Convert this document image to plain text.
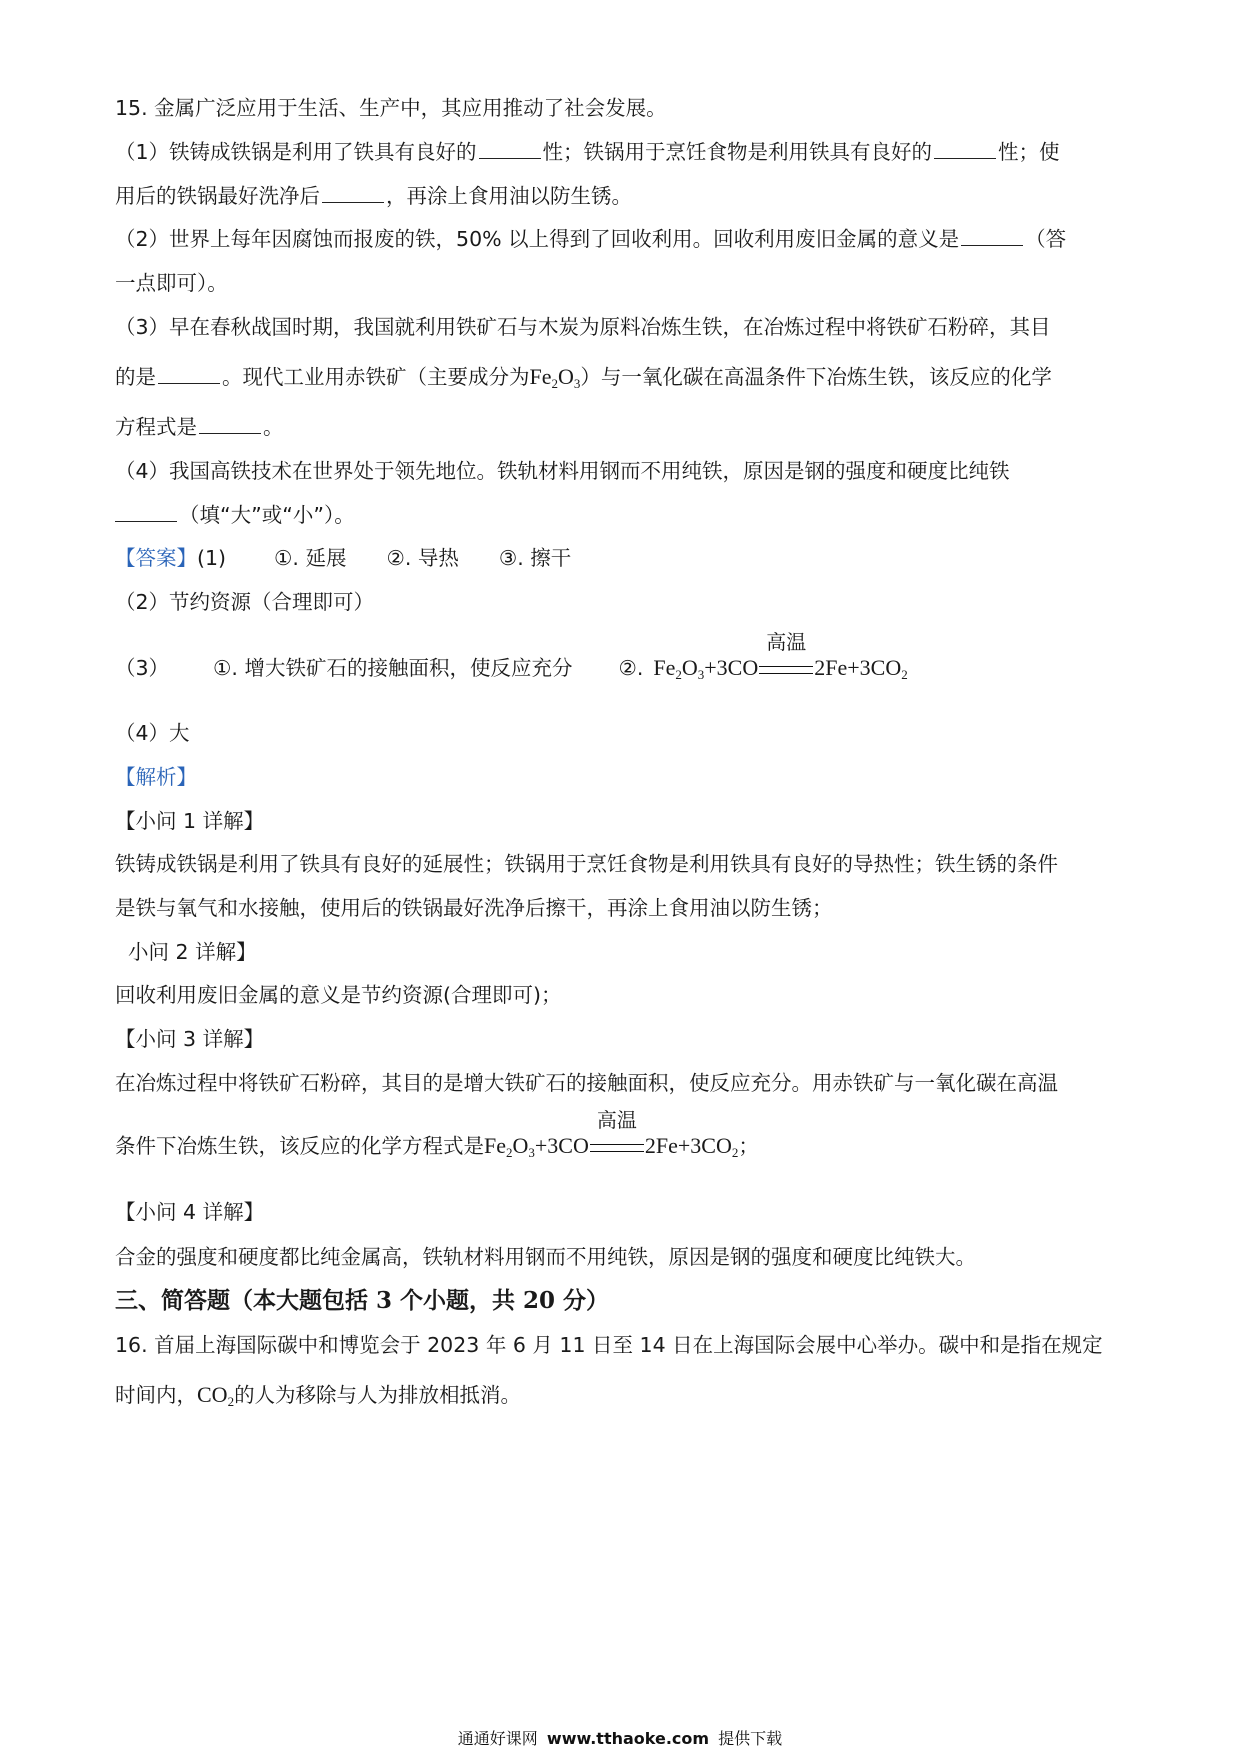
15. 金属广泛应用于生活、生产中，其应用推动了社会发展。
（1）铁铸成铁锅是利用了铁具有良好的	性；铁锅用于烹饪食物是利用铁具有良好的	性；使
用后的铁锅最好洗净后	，再涂上食用油以防生锈。
（2）世界上每年因腐蚀而报废的铁，50% 以上得到了回收利用。回收利用废旧金属的意义是	（答
一点即可）。
（3）早在春秋战国时期，我国就利用铁矿石与木炭为原料冶炼生铁，在冶炼过程中将铁矿石粉碎，其目
的是	。现代工业用赤铁矿（主要成分为$Fe_2O_3$）与一氧化碳在高温条件下冶炼生铁，该反应的化学
方程式是	。
（4）我国高铁技术在世界处于领先地位。铁轨材料用钢而不用纯铁，原因是钢的强度和硬度比纯铁
（填“大”或“小”）。
【答案】(1) ①. 延展 ②. 导热 ③. 擦干
（2）节约资源（合理即可）
（3） ①. 增大铁矿石的接触面积，使反应充分 ②. $Fe_2O_3+3CO$
高温
$2Fe+3CO_2$
（4）大
【解析】
【小问 1 详解】
铁铸成铁锅是利用了铁具有良好的延展性；铁锅用于烹饪食物是利用铁具有良好的导热性；铁生锈的条件
是铁与氧气和水接触，使用后的铁锅最好洗净后擦干，再涂上食用油以防生锈；
小问 2 详解】
回收利用废旧金属的意义是节约资源(合理即可)；
【小问 3 详解】
在冶炼过程中将铁矿石粉碎，其目的是增大铁矿石的接触面积，使反应充分。用赤铁矿与一氧化碳在高温
条件下冶炼生铁，该反应的化学方程式是$Fe_2O_3+3CO$
高温
$2Fe+3CO_2$；
【小问 4 详解】
合金的强度和硬度都比纯金属高，铁轨材料用钢而不用纯铁，原因是钢的强度和硬度比纯铁大。
三、简答题（本大题包括 3 个小题，共 20 分）
16. 首届上海国际碳中和博览会于 2023 年 6 月 11 日至 14 日在上海国际会展中心举办。碳中和是指在规定
时间内，$CO_2$的人为移除与人为排放相抵消。
通通好课网 www.tthaoke.com 提供下载
